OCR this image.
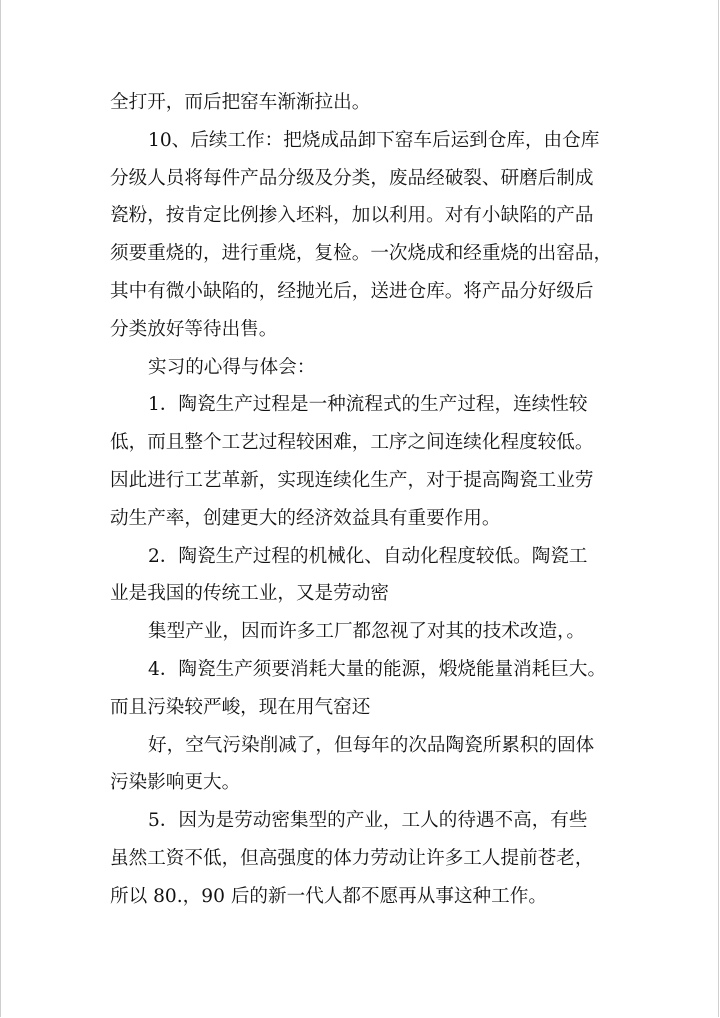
全打开，而后把窑车渐渐拉出。
10、后续工作：把烧成品卸下窑车后运到仓库，由仓库
分级人员将每件产品分级及分类，废品经破裂、研磨后制成
瓷粉，按肯定比例掺入坯料，加以利用。对有小缺陷的产品
须要重烧的，进行重烧，复检。一次烧成和经重烧的出窑品，
其中有微小缺陷的，经抛光后，送进仓库。将产品分好级后
分类放好等待出售。
实习的心得与体会：
1．陶瓷生产过程是一种流程式的生产过程，连续性较
低，而且整个工艺过程较困难，工序之间连续化程度较低。
因此进行工艺革新，实现连续化生产，对于提高陶瓷工业劳
动生产率，创建更大的经济效益具有重要作用。
2．陶瓷生产过程的机械化、自动化程度较低。陶瓷工
业是我国的传统工业，又是劳动密
集型产业，因而许多工厂都忽视了对其的技术改造，。
4．陶瓷生产须要消耗大量的能源，煅烧能量消耗巨大。
而且污染较严峻，现在用气窑还
好，空气污染削减了，但每年的次品陶瓷所累积的固体
污染影响更大。
5．因为是劳动密集型的产业，工人的待遇不高，有些
虽然工资不低，但高强度的体力劳动让许多工人提前苍老，
所以 80.，90 后的新一代人都不愿再从事这种工作。
